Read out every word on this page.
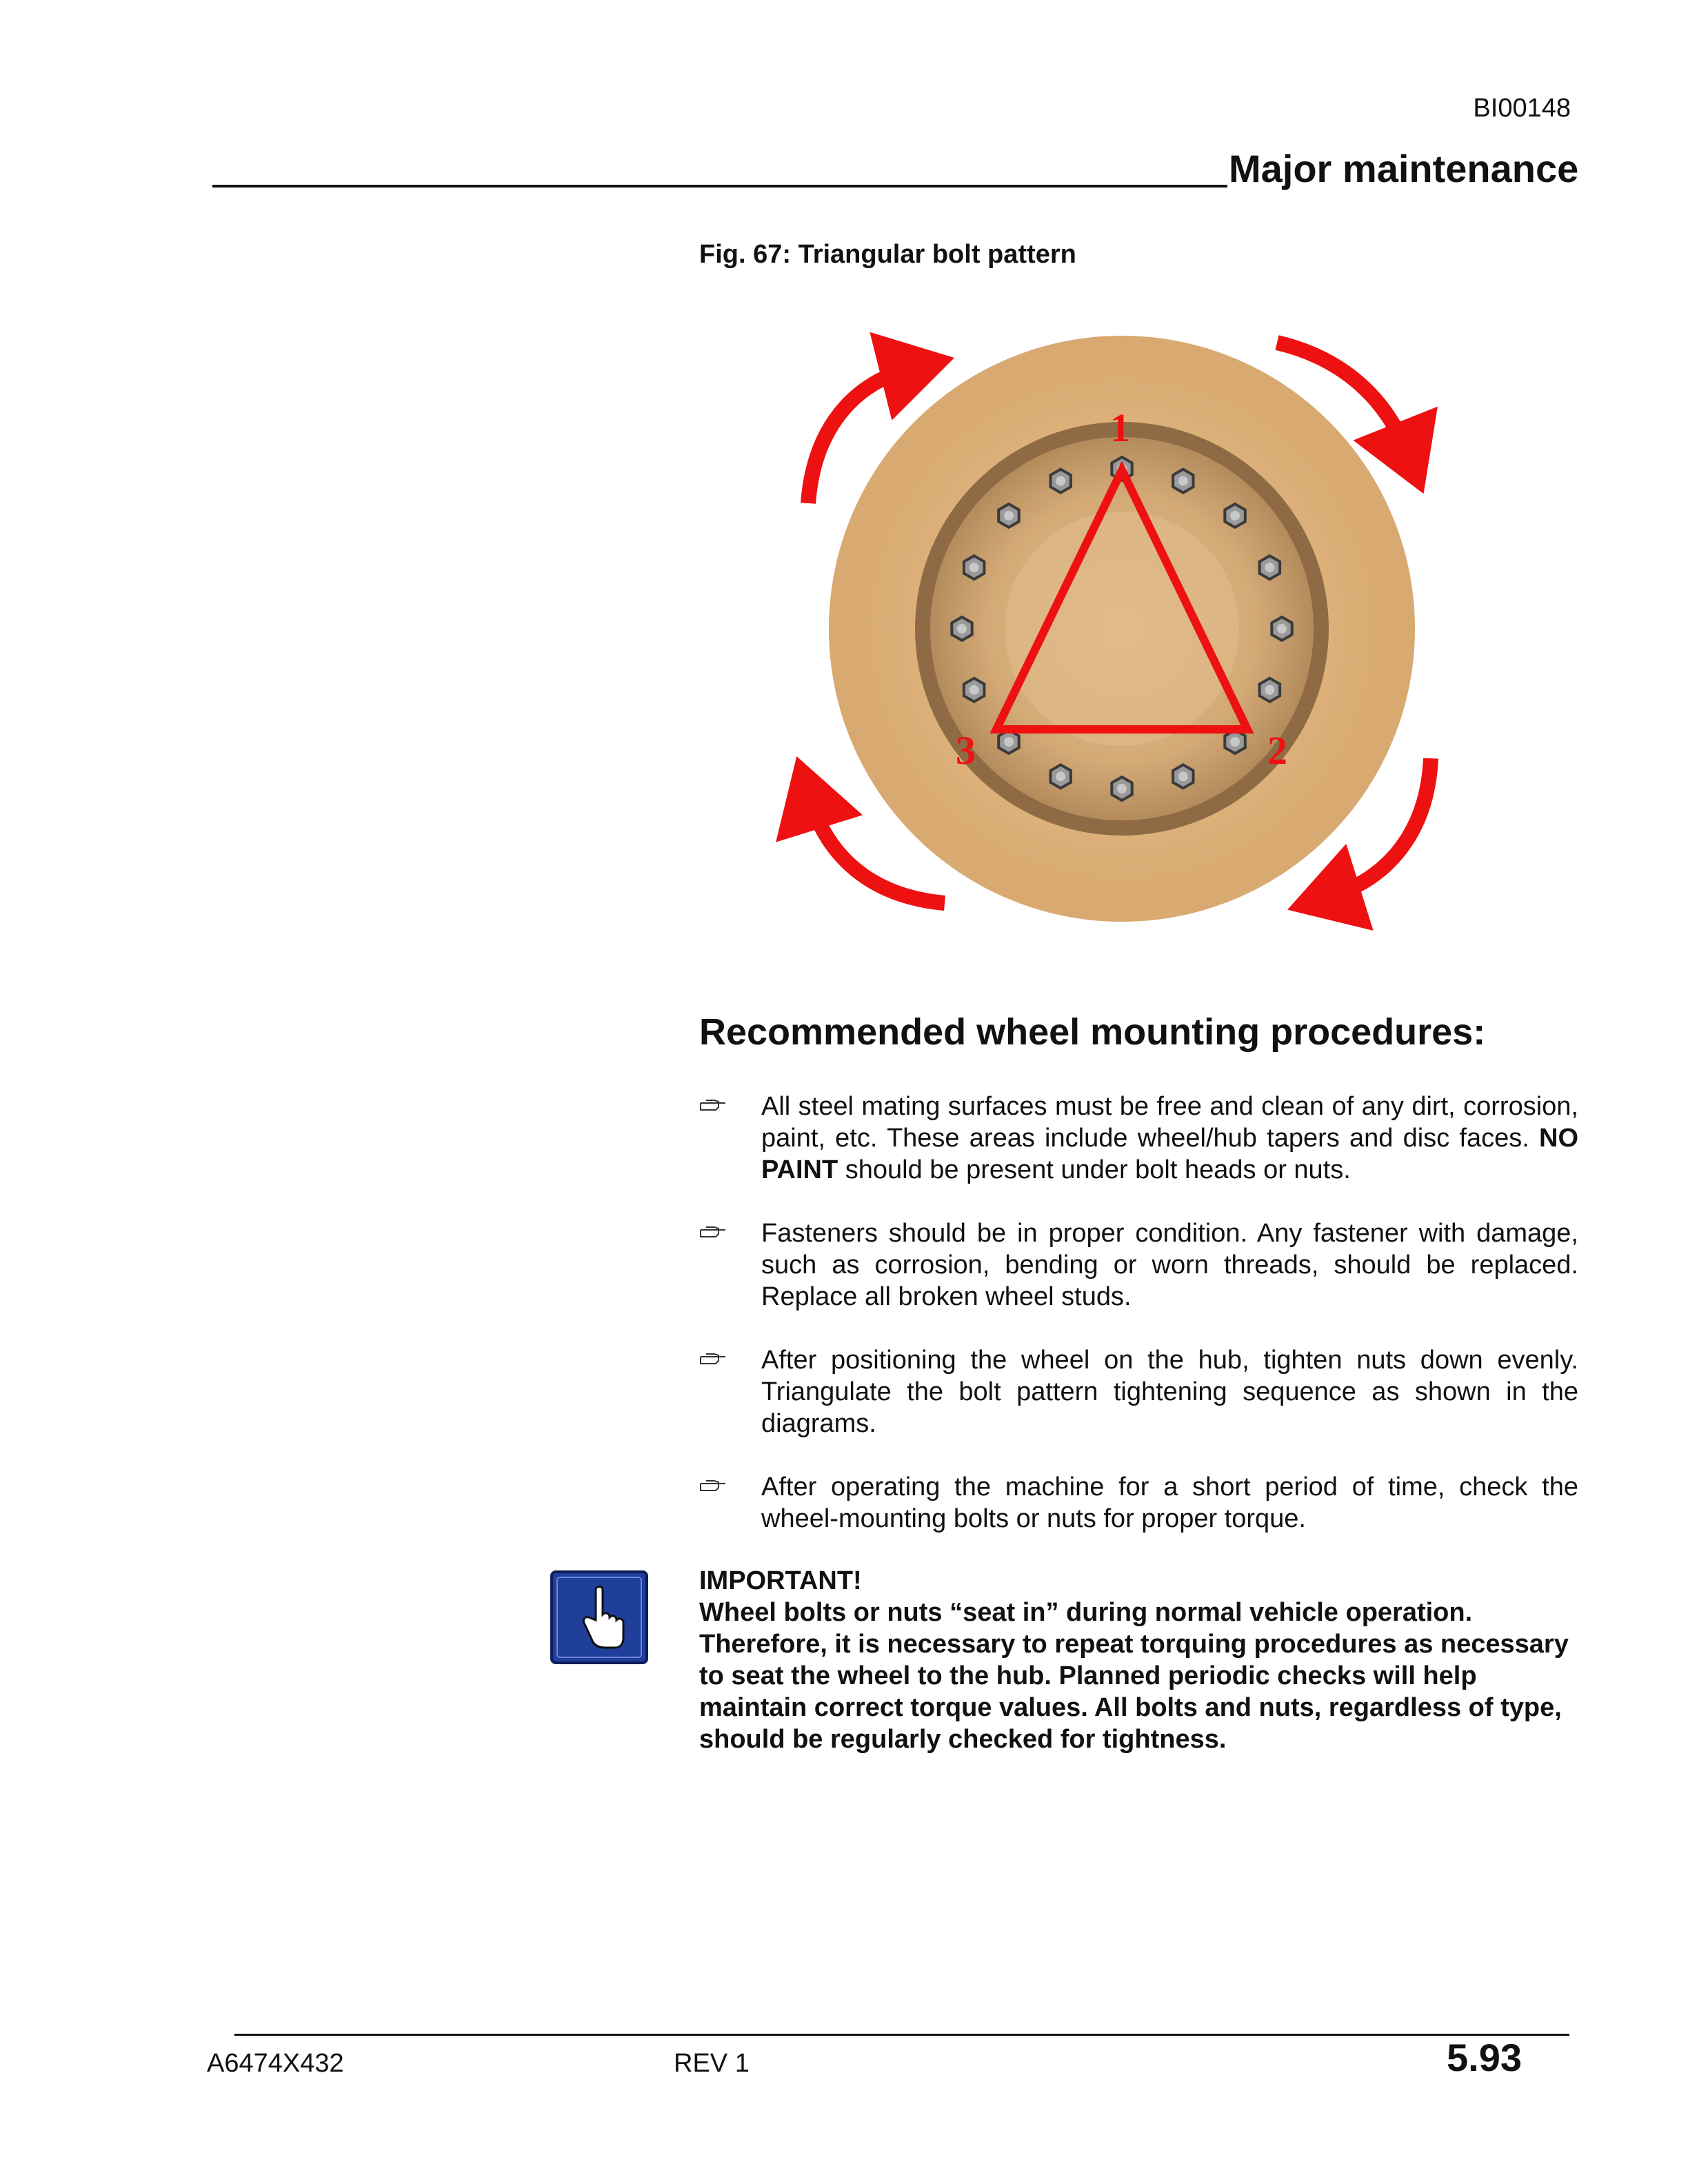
BI00148
Major maintenance
Fig. 67: Triangular bolt pattern
1
2
3
Recommended wheel mounting procedures:
All steel mating surfaces must be free and clean of any dirt, corrosion, paint, etc. These areas include wheel/hub tapers and disc faces. NO PAINT should be present under bolt heads or nuts.
Fasteners should be in proper condition. Any fastener with damage, such as corrosion, bending or worn threads, should be replaced. Replace all broken wheel studs.
After positioning the wheel on the hub, tighten nuts down evenly. Triangulate the bolt pattern tightening sequence as shown in the diagrams.
After operating the machine for a short period of time, check the wheel-mounting bolts or nuts for proper torque.
IMPORTANT!
Wheel bolts or nuts “seat in” during normal vehicle operation. Therefore, it is necessary to repeat torquing procedures as necessary to seat the wheel to the hub. Planned periodic checks will help maintain correct torque values. All bolts and nuts, regardless of type, should be regularly checked for tightness.
A6474X432	REV 1	5.93
